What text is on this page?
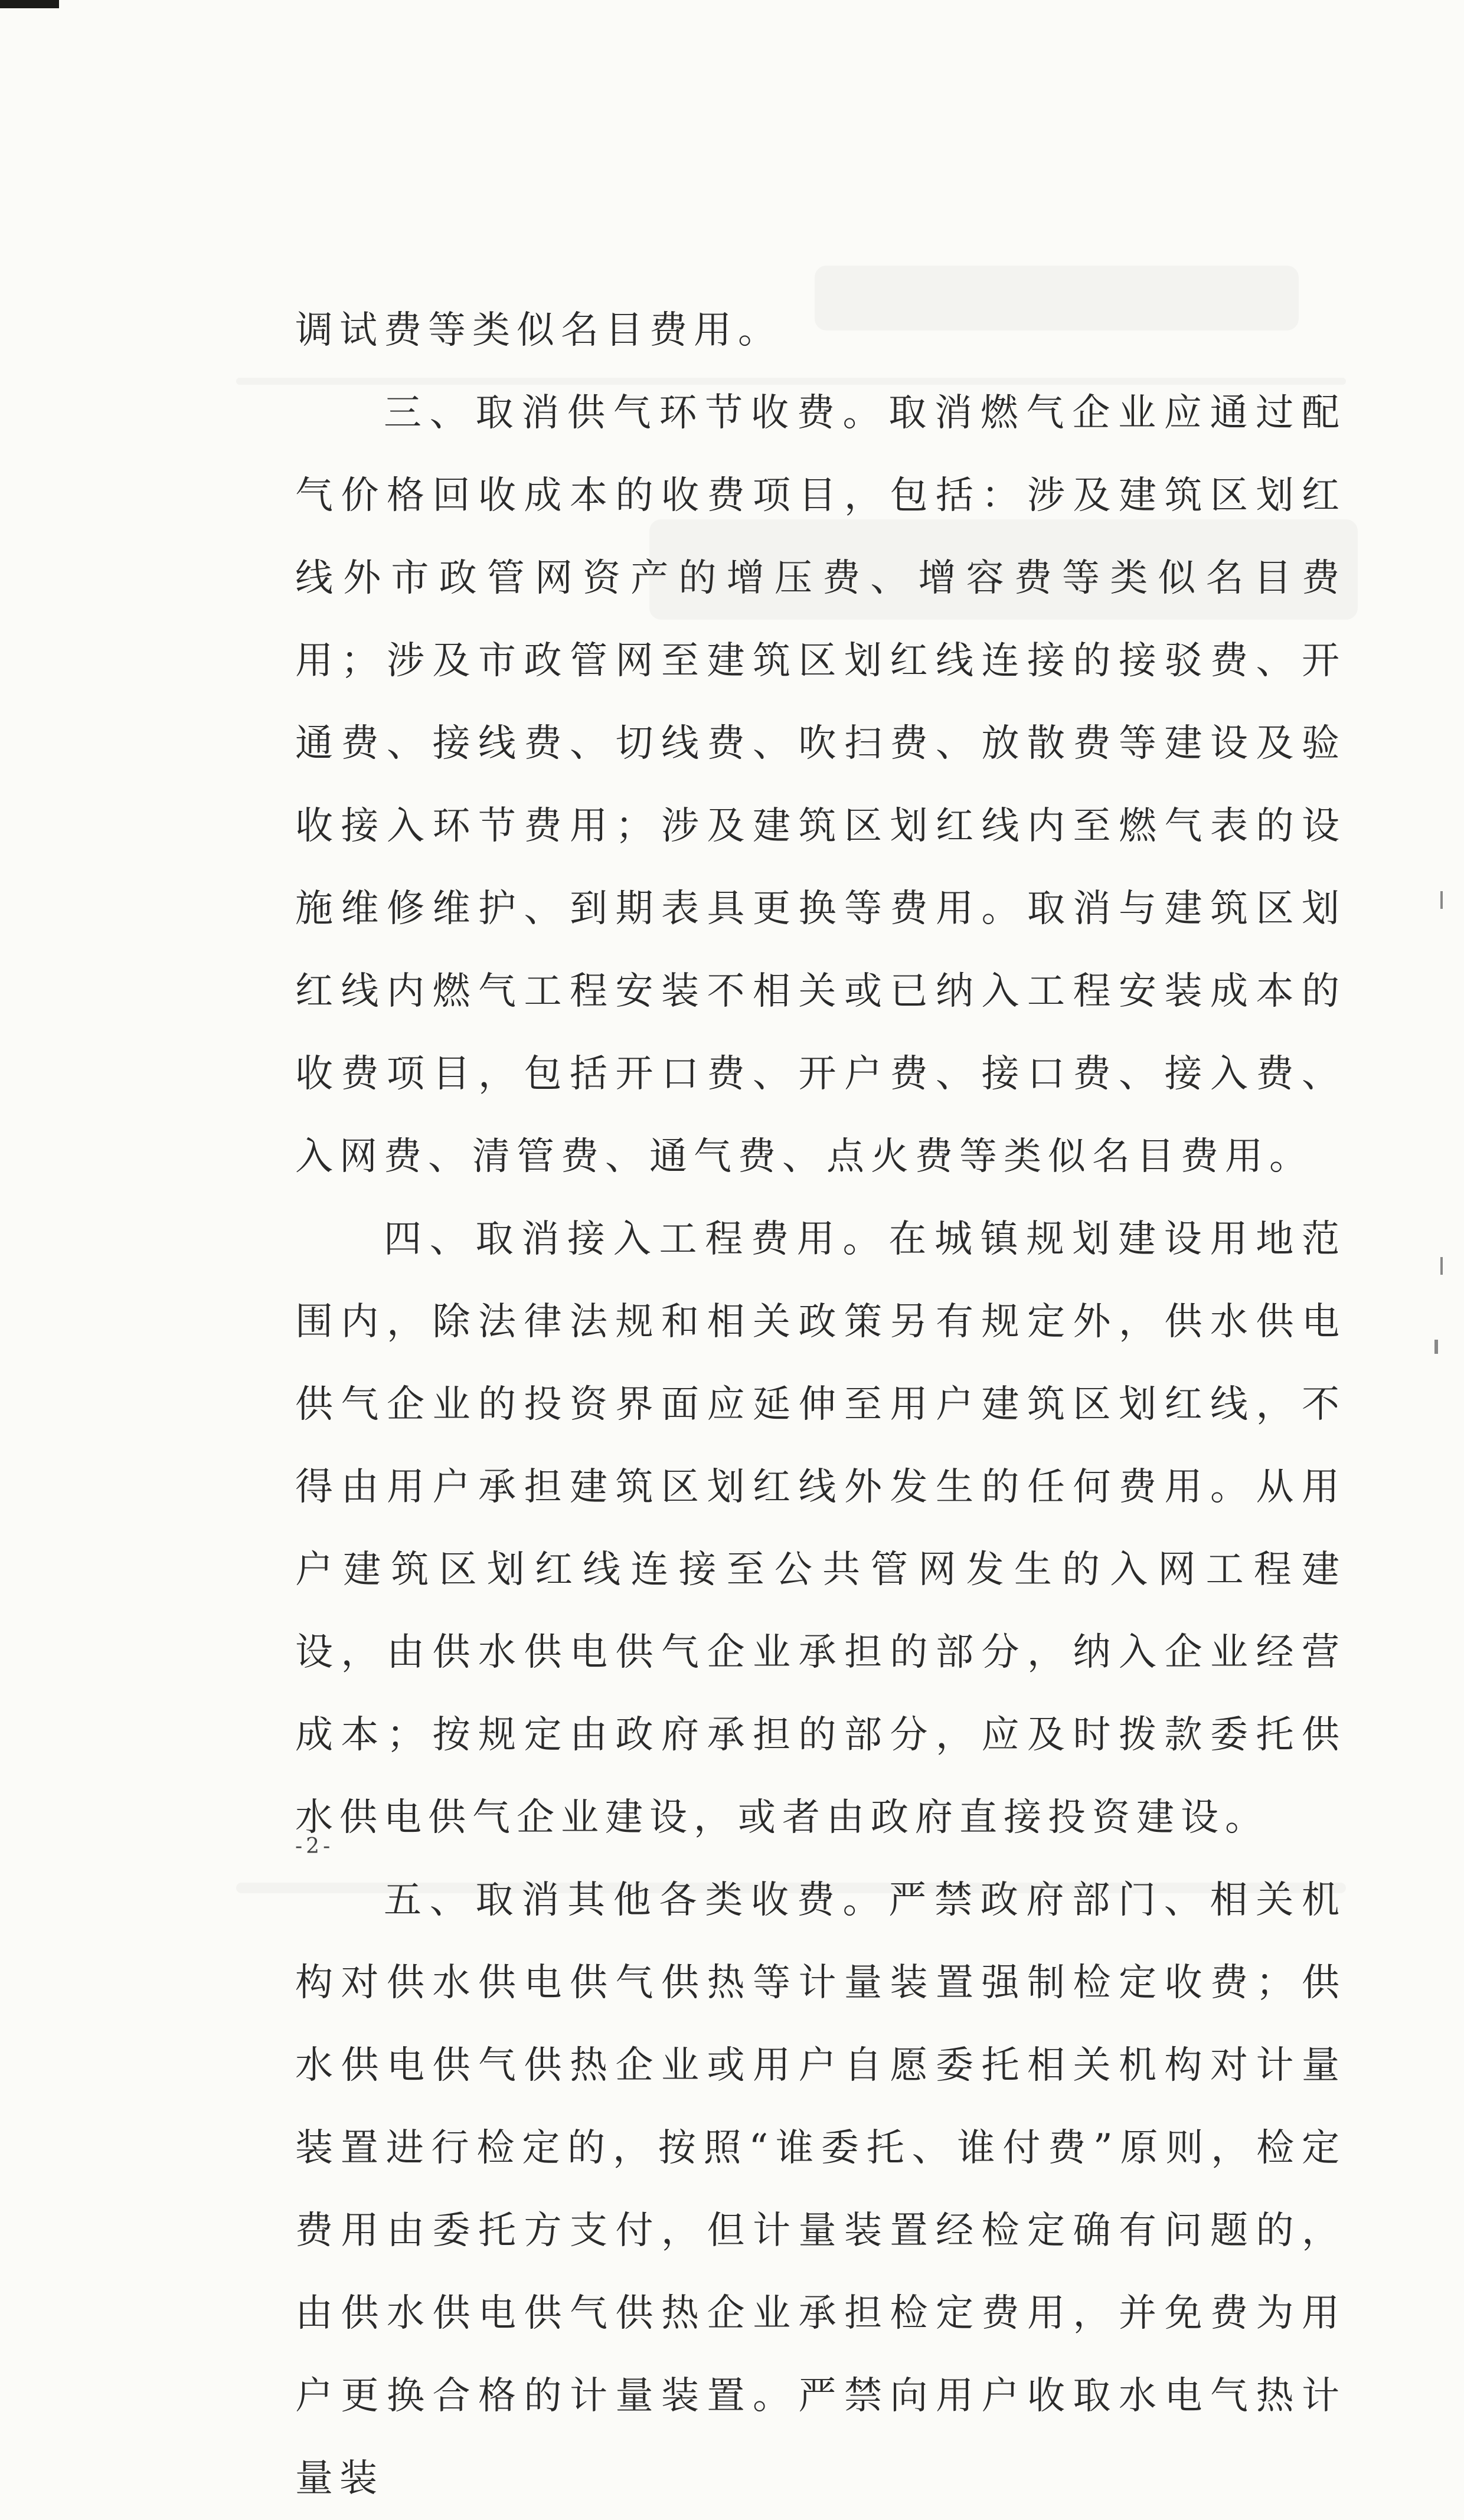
调试费等类似名目费用。

三、取消供气环节收费。取消燃气企业应通过配气价格回收成本的收费项目，包括：涉及建筑区划红线外市政管网资产的增压费、增容费等类似名目费用；涉及市政管网至建筑区划红线连接的接驳费、开通费、接线费、切线费、吹扫费、放散费等建设及验收接入环节费用；涉及建筑区划红线内至燃气表的设施维修维护、到期表具更换等费用。取消与建筑区划红线内燃气工程安装不相关或已纳入工程安装成本的收费项目，包括开口费、开户费、接口费、接入费、入网费、清管费、通气费、点火费等类似名目费用。

四、取消接入工程费用。在城镇规划建设用地范围内，除法律法规和相关政策另有规定外，供水供电供气企业的投资界面应延伸至用户建筑区划红线，不得由用户承担建筑区划红线外发生的任何费用。从用户建筑区划红线连接至公共管网发生的入网工程建设，由供水供电供气企业承担的部分，纳入企业经营成本；按规定由政府承担的部分，应及时拨款委托供水供电供气企业建设，或者由政府直接投资建设。

五、取消其他各类收费。严禁政府部门、相关机构对供水供电供气供热等计量装置强制检定收费；供水供电供气供热企业或用户自愿委托相关机构对计量装置进行检定的，按照“谁委托、谁付费”原则，检定费用由委托方支付，但计量装置经检定确有问题的，由供水供电供气供热企业承担检定费用，并免费为用户更换合格的计量装置。严禁向用户收取水电气热计量装

-2-
